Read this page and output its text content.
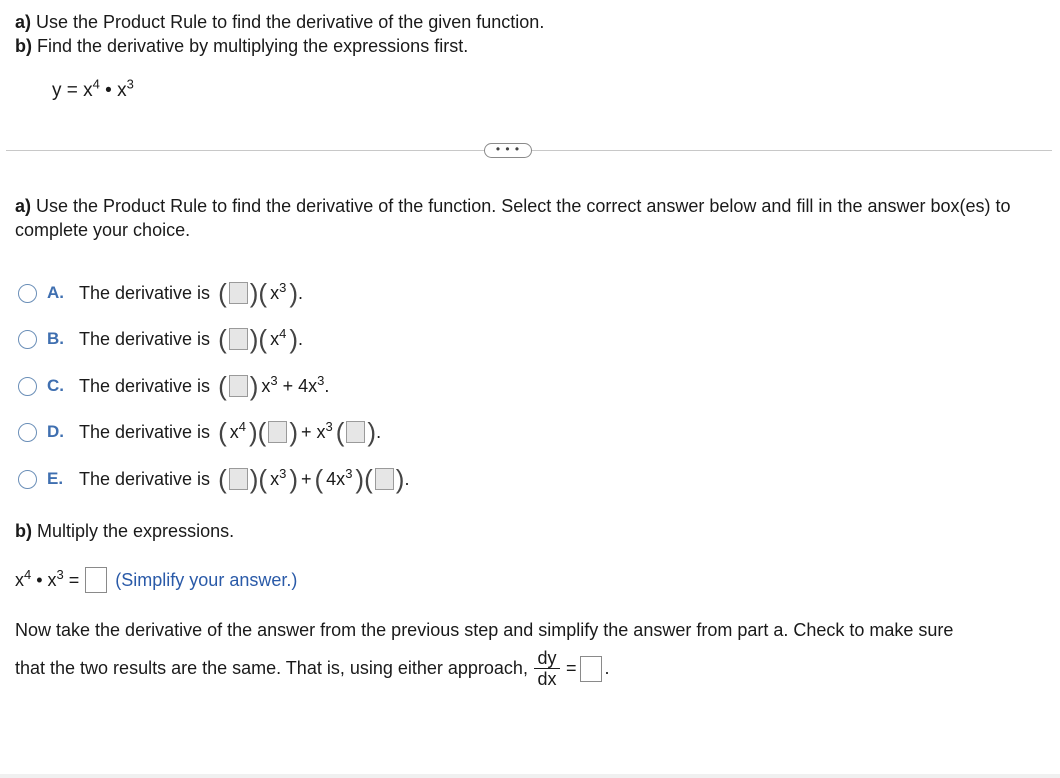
a) Use the Product Rule to find the derivative of the given function.
b) Find the derivative by multiplying the expressions first.
$y = x^4$ • $x^3$
• • •
a) Use the Product Rule to find the derivative of the function. Select the correct answer below and fill in the answer box(es) to complete your choice.
A. The derivative is ( ) ( $x^3$ ) .
B. The derivative is ( ) ( $x^4$ ) .
C. The derivative is ( ) $x^3 + 4x^3$.
D. The derivative is ( $x^4$ ) ( ) + $x^3$ ( ) .
E. The derivative is ( ) ( $x^3$ ) + ( $4x^3$ ) ( ) .
b) Multiply the expressions.
$x^4$ • $x^3$ = (Simplify your answer.)
Now take the derivative of the answer from the previous step and simplify the answer from part a. Check to make sure
that the two results are the same. That is, using either approach, $\frac{dy}{dx}$ = .
